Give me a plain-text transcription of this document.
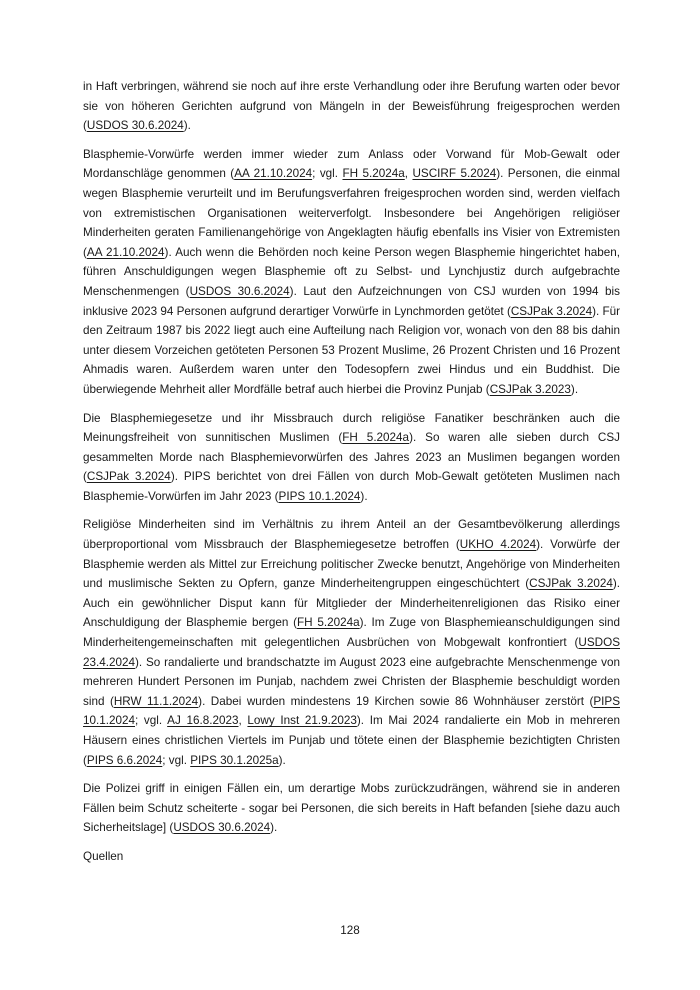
in Haft verbringen, während sie noch auf ihre erste Verhandlung oder ihre Berufung warten oder bevor sie von höheren Gerichten aufgrund von Mängeln in der Beweisführung freigesprochen werden (USDOS 30.6.2024).

Blasphemie-Vorwürfe werden immer wieder zum Anlass oder Vorwand für Mob-Gewalt oder Mordanschläge genommen (AA 21.10.2024; vgl. FH 5.2024a, USCIRF 5.2024). Personen, die einmal wegen Blasphemie verurteilt und im Berufungsverfahren freigesprochen worden sind, werden vielfach von extremistischen Organisationen weiterverfolgt. Insbesondere bei Angehörigen religiöser Minderheiten geraten Familienangehörige von Angeklagten häufig ebenfalls ins Visier von Extremisten (AA 21.10.2024). Auch wenn die Behörden noch keine Person wegen Blasphemie hingerichtet haben, führen Anschuldigungen wegen Blasphemie oft zu Selbst- und Lynchjustiz durch aufgebrachte Menschenmengen (USDOS 30.6.2024). Laut den Aufzeichnungen von CSJ wurden von 1994 bis inklusive 2023 94 Personen aufgrund derartiger Vorwürfe in Lynchmorden getötet (CSJPak 3.2024). Für den Zeitraum 1987 bis 2022 liegt auch eine Aufteilung nach Religion vor, wonach von den 88 bis dahin unter diesem Vorzeichen getöteten Personen 53 Prozent Muslime, 26 Prozent Christen und 16 Prozent Ahmadis waren. Außerdem waren unter den Todesopfern zwei Hindus und ein Buddhist. Die überwiegende Mehrheit aller Mordfälle betraf auch hierbei die Provinz Punjab (CSJPak 3.2023).

Die Blasphemiegesetze und ihr Missbrauch durch religiöse Fanatiker beschränken auch die Meinungsfreiheit von sunnitischen Muslimen (FH 5.2024a). So waren alle sieben durch CSJ gesammelten Morde nach Blasphemievorwürfen des Jahres 2023 an Muslimen begangen worden (CSJPak 3.2024). PIPS berichtet von drei Fällen von durch Mob-Gewalt getöteten Muslimen nach Blasphemie-Vorwürfen im Jahr 2023 (PIPS 10.1.2024).

Religiöse Minderheiten sind im Verhältnis zu ihrem Anteil an der Gesamtbevölkerung allerdings überproportional vom Missbrauch der Blasphemiegesetze betroffen (UKHO 4.2024). Vorwürfe der Blasphemie werden als Mittel zur Erreichung politischer Zwecke benutzt, Angehörige von Minderheiten und muslimische Sekten zu Opfern, ganze Minderheitengruppen eingeschüchtert (CSJPak 3.2024). Auch ein gewöhnlicher Disput kann für Mitglieder der Minderheitenreligionen das Risiko einer Anschuldigung der Blasphemie bergen (FH 5.2024a). Im Zuge von Blasphemieanschuldigungen sind Minderheitengemeinschaften mit gelegentlichen Ausbrüchen von Mobgewalt konfrontiert (USDOS 23.4.2024). So randalierte und brandschatzte im August 2023 eine aufgebrachte Menschenmenge von mehreren Hundert Personen im Punjab, nachdem zwei Christen der Blasphemie beschuldigt worden sind (HRW 11.1.2024). Dabei wurden mindestens 19 Kirchen sowie 86 Wohnhäuser zerstört (PIPS 10.1.2024; vgl. AJ 16.8.2023, Lowy Inst 21.9.2023). Im Mai 2024 randalierte ein Mob in mehreren Häusern eines christlichen Viertels im Punjab und tötete einen der Blasphemie bezichtigten Christen (PIPS 6.6.2024; vgl. PIPS 30.1.2025a).

Die Polizei griff in einigen Fällen ein, um derartige Mobs zurückzudrängen, während sie in anderen Fällen beim Schutz scheiterte - sogar bei Personen, die sich bereits in Haft befanden [siehe dazu auch Sicherheitslage] (USDOS 30.6.2024).

Quellen

128
